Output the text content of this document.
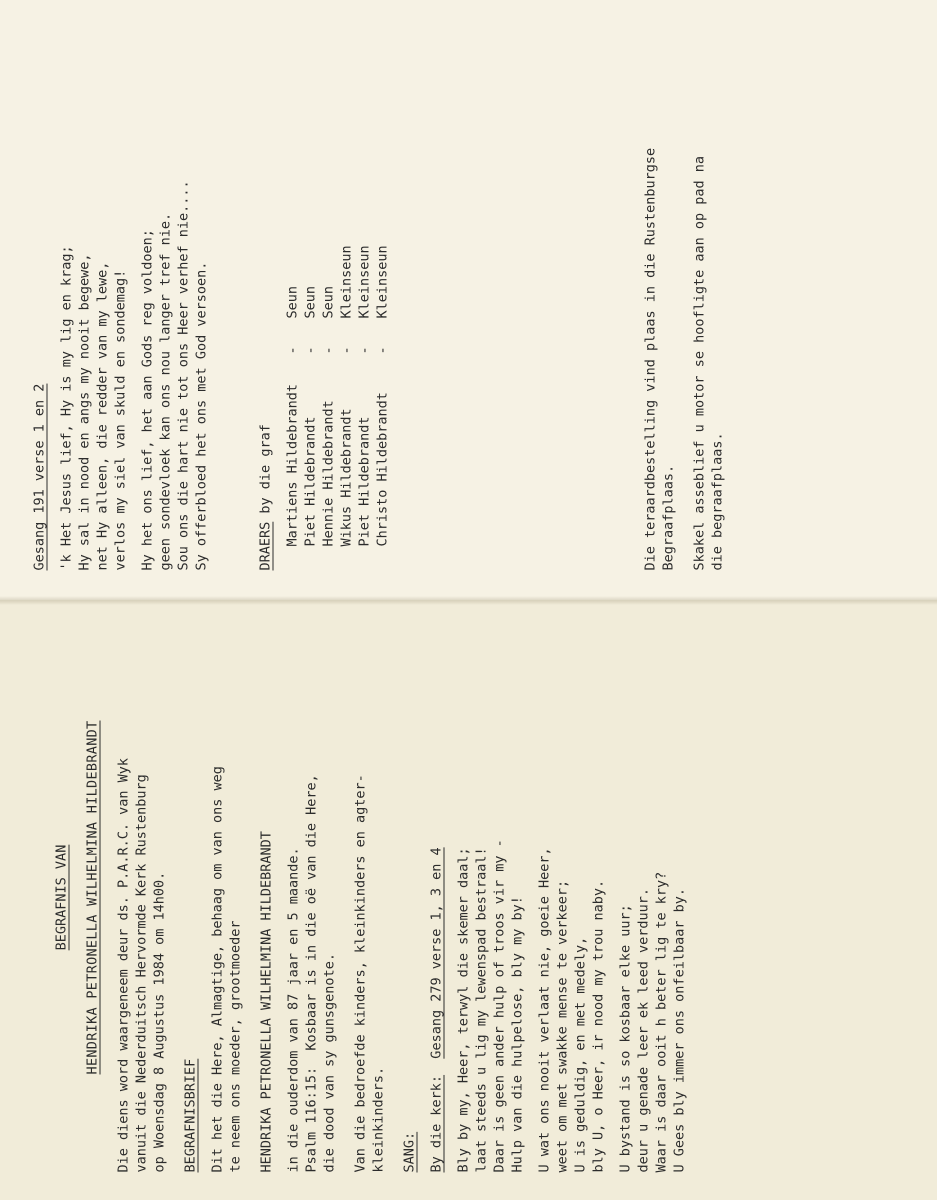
BEGRAFNIS VAN HENDRIKA PETRONELLA WILHELMINA HILDEBRANDT Die diens word waargeneem deur ds. P.A.R.C. van Wyk vanuit die Nederduitsch Hervormde Kerk Rustenburg op Woensdag 8 Augustus 1984 om 14h00. BEGRAFNISBRIEF Dit het die Here, Almagtige, behaag om van ons weg te neem ons moeder, grootmoeder HENDRIKA PETRONELLA WILHELMINA HILDEBRANDT in die ouderdom van 87 jaar en 5 maande. Psalm 116:15:  Kosbaar is in die oë van die Here, die dood van sy gunsgenote. Van die bedroefde kinders, kleinkinders en agter- kleinkinders. SANG: By die kerk:  Gesang 279 verse 1, 3 en 4 Bly by my, Heer, terwyl die skemer daal; laat steeds u lig my lewenspad bestraal! Daar is geen ander hulp of troos vir my - Hulp van die hulpelose, bly my by! U wat ons nooit verlaat nie, goeie Heer, weet om met swakke mense te verkeer; U is geduldig, en met medely, bly U, o Heer, ir nood my trou naby. U bystand is so kosbaar elke uur; deur u genade leer ek leed verduur. Waar is daar ooit h beter lig te kry? U Gees bly immer ons onfeilbaar by.
Gesang 191 verse 1 en 2 'k Het Jesus lief, Hy is my lig en krag; Hy sal in nood en angs my nooit begewe, net Hy alleen, die redder van my lewe, verlos my siel van skuld en sondemag! Hy het ons lief, het aan Gods reg voldoen; geen sondevloek kan ons nou langer tref nie. Sou ons die hart nie tot ons Heer verhef nie.... Sy offerbloed het ons met God versoen.	DRAERS by die graf Martiens Hildebrandt
-
Seun
Piet Hildebrandt
-
Seun
Hennie Hildebrandt
-
Seun
Wikus Hildebrandt
-
Kleinseun
Piet Hildebrandt
-
Kleinseun
Christo Hildebrandt
-
Kleinseun	Die teraardbestelling vind plaas in die Rustenburgse Begraafplaas. Skakel asseblief u motor se hoofligte aan op pad na die begraafplaas.
